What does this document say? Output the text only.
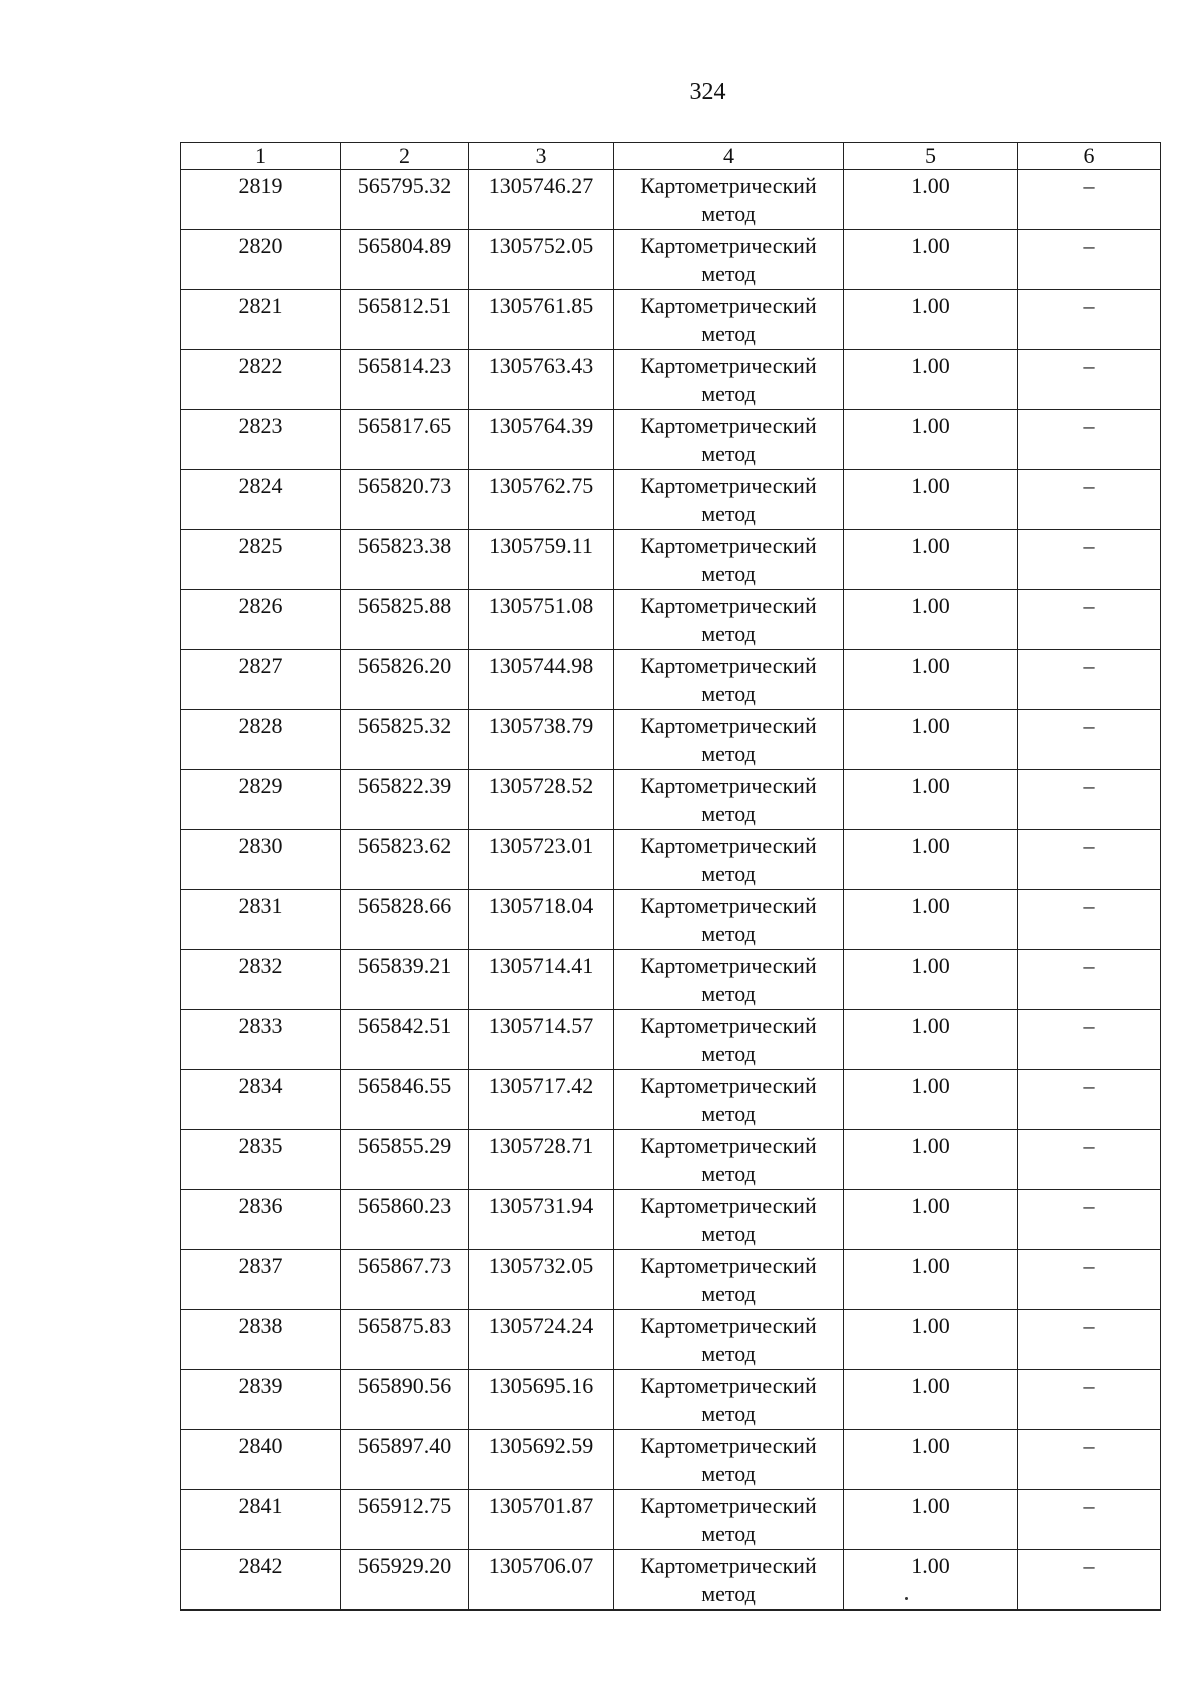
324
1	2	3	4	5	6
2819	565795.32	1305746.27	Картометрический метод	1.00	–
2820	565804.89	1305752.05	Картометрический метод	1.00	–
2821	565812.51	1305761.85	Картометрический метод	1.00	–
2822	565814.23	1305763.43	Картометрический метод	1.00	–
2823	565817.65	1305764.39	Картометрический метод	1.00	–
2824	565820.73	1305762.75	Картометрический метод	1.00	–
2825	565823.38	1305759.11	Картометрический метод	1.00	–
2826	565825.88	1305751.08	Картометрический метод	1.00	–
2827	565826.20	1305744.98	Картометрический метод	1.00	–
2828	565825.32	1305738.79	Картометрический метод	1.00	–
2829	565822.39	1305728.52	Картометрический метод	1.00	–
2830	565823.62	1305723.01	Картометрический метод	1.00	–
2831	565828.66	1305718.04	Картометрический метод	1.00	–
2832	565839.21	1305714.41	Картометрический метод	1.00	–
2833	565842.51	1305714.57	Картометрический метод	1.00	–
2834	565846.55	1305717.42	Картометрический метод	1.00	–
2835	565855.29	1305728.71	Картометрический метод	1.00	–
2836	565860.23	1305731.94	Картометрический метод	1.00	–
2837	565867.73	1305732.05	Картометрический метод	1.00	–
2838	565875.83	1305724.24	Картометрический метод	1.00	–
2839	565890.56	1305695.16	Картометрический метод	1.00	–
2840	565897.40	1305692.59	Картометрический метод	1.00	–
2841	565912.75	1305701.87	Картометрический метод	1.00	–
2842	565929.20	1305706.07	Картометрический метод	1.00	–
